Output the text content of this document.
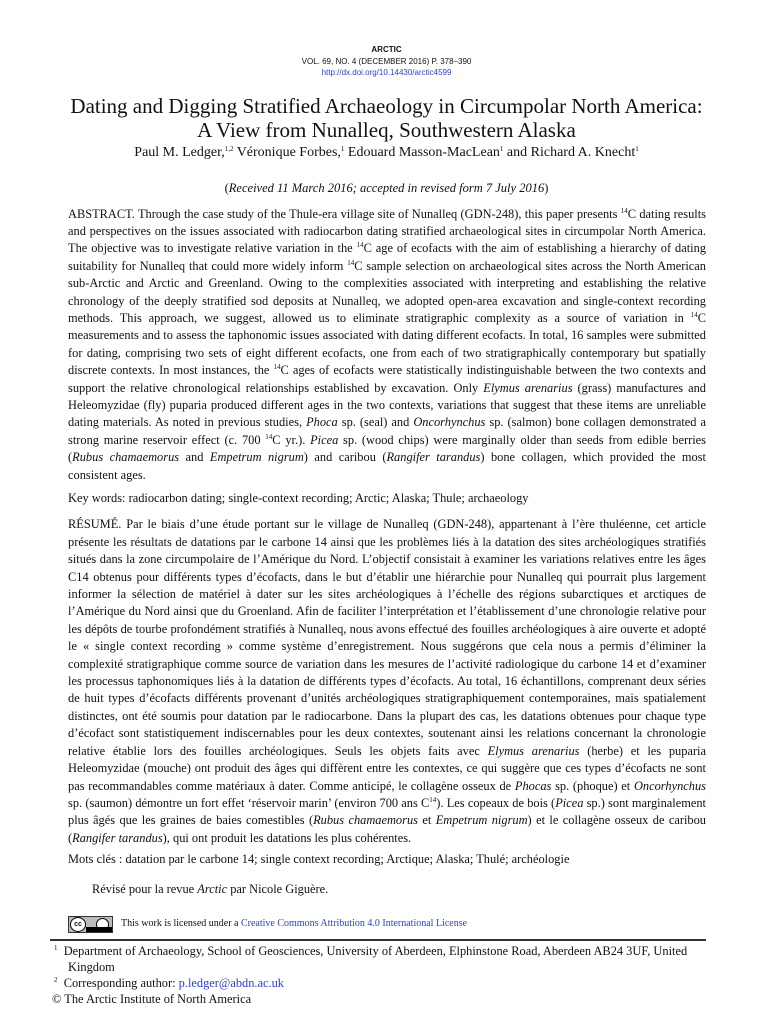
ARCTIC
VOL. 69, NO. 4 (DECEMBER 2016) P. 378–390
http://dx.doi.org/10.14430/arctic4599
Dating and Digging Stratified Archaeology in Circumpolar North America:
A View from Nunalleq, Southwestern Alaska
Paul M. Ledger,$^{1,2}$ Véronique Forbes,$^1$ Edouard Masson-MacLean$^1$ and Richard A. Knecht$^1$
(Received 11 March 2016; accepted in revised form 7 July 2016)
ABSTRACT. Through the case study of the Thule-era village site of Nunalleq (GDN-248), this paper presents $^{14}$C dating results and perspectives on the issues associated with radiocarbon dating stratified archaeological sites in circumpolar North America. The objective was to investigate relative variation in the $^{14}$C age of ecofacts with the aim of establishing a hierarchy of dating suitability for Nunalleq that could more widely inform $^{14}$C sample selection on archaeological sites across the North American sub-Arctic and Arctic and Greenland. Owing to the complexities associated with interpreting and establishing the relative chronology of the deeply stratified sod deposits at Nunalleq, we adopted open-area excavation and single-context recording methods. This approach, we suggest, allowed us to eliminate stratigraphic complexity as a source of variation in $^{14}$C measurements and to assess the taphonomic issues associated with dating different ecofacts. In total, 16 samples were submitted for dating, comprising two sets of eight different ecofacts, one from each of two stratigraphically contemporary but spatially discrete contexts. In most instances, the $^{14}$C ages of ecofacts were statistically indistinguishable between the two contexts and support the relative chronological relationships established by excavation. Only Elymus arenarius (grass) manufactures and Heleomyzidae (fly) puparia produced different ages in the two contexts, variations that suggest that these items are unreliable dating materials. As noted in previous studies, Phoca sp. (seal) and Oncorhynchus sp. (salmon) bone collagen demonstrated a strong marine reservoir effect (c. 700 $^{14}$C yr.). Picea sp. (wood chips) were marginally older than seeds from edible berries (Rubus chamaemorus and Empetrum nigrum) and caribou (Rangifer tarandus) bone collagen, which provided the most consistent ages.
Key words: radiocarbon dating; single-context recording; Arctic; Alaska; Thule; archaeology
RÉSUMÉ. Par le biais d’une étude portant sur le village de Nunalleq (GDN-248), appartenant à l’ère thuléenne, cet article présente les résultats de datations par le carbone 14 ainsi que les problèmes liés à la datation des sites archéologiques stratifiés situés dans la zone circumpolaire de l’Amérique du Nord. L’objectif consistait à examiner les variations relatives entre les âges C14 obtenus pour différents types d’écofacts, dans le but d’établir une hiérarchie pour Nunalleq qui pourrait plus largement informer la sélection de matériel à dater sur les sites archéologiques à l’échelle des régions subarctiques et arctiques de l’Amérique du Nord ainsi que du Groenland. Afin de faciliter l’interprétation et l’établissement d’une chronologie relative pour les dépôts de tourbe profondément stratifiés à Nunalleq, nous avons effectué des fouilles archéologiques à aire ouverte et adopté le « single context recording » comme système d’enregistrement. Nous suggérons que cela nous a permis d’éliminer la complexité stratigraphique comme source de variation dans les mesures de l’activité radiologique du carbone 14 et d’examiner les processus taphonomiques liés à la datation de différents types d’écofacts. Au total, 16 échantillons, comprenant deux séries de huit types d’écofacts différents provenant d’unités archéologiques stratigraphiquement contemporaines, mais spatialement distinctes, ont été soumis pour datation par le radiocarbone. Dans la plupart des cas, les datations obtenues pour chaque type d’écofact sont statistiquement indiscernables pour les deux contextes, soutenant ainsi les relations concernant la chronologie relative établie lors des fouilles archéologiques. Seuls les objets faits avec Elymus arenarius (herbe) et les puparia Heleomyzidae (mouche) ont produit des âges qui diffèrent entre les contextes, ce qui suggère que ces types d’écofacts ne sont pas recommandables comme matériaux à dater. Comme anticipé, le collagène osseux de Phocas sp. (phoque) et Oncorhynchus sp. (saumon) démontre un fort effet ‘réservoir marin’ (environ 700 ans $C^{14}$). Les copeaux de bois (Picea sp.) sont marginalement plus âgés que les graines de baies comestibles (Rubus chamaemorus et Empetrum nigrum) et le collagène osseux de caribou (Rangifer tarandus), qui ont produit les datations les plus cohérentes.
Mots clés : datation par le carbone 14; single context recording; Arctique; Alaska; Thulé; archéologie
Révisé pour la revue Arctic par Nicole Giguère.
cc	This work is licensed under a Creative Commons Attribution 4.0 International License
$^1$ Department of Archaeology, School of Geosciences, University of Aberdeen, Elphinstone Road, Aberdeen AB24 3UF, United Kingdom
$^2$ Corresponding author: p.ledger@abdn.ac.uk
© The Arctic Institute of North America
